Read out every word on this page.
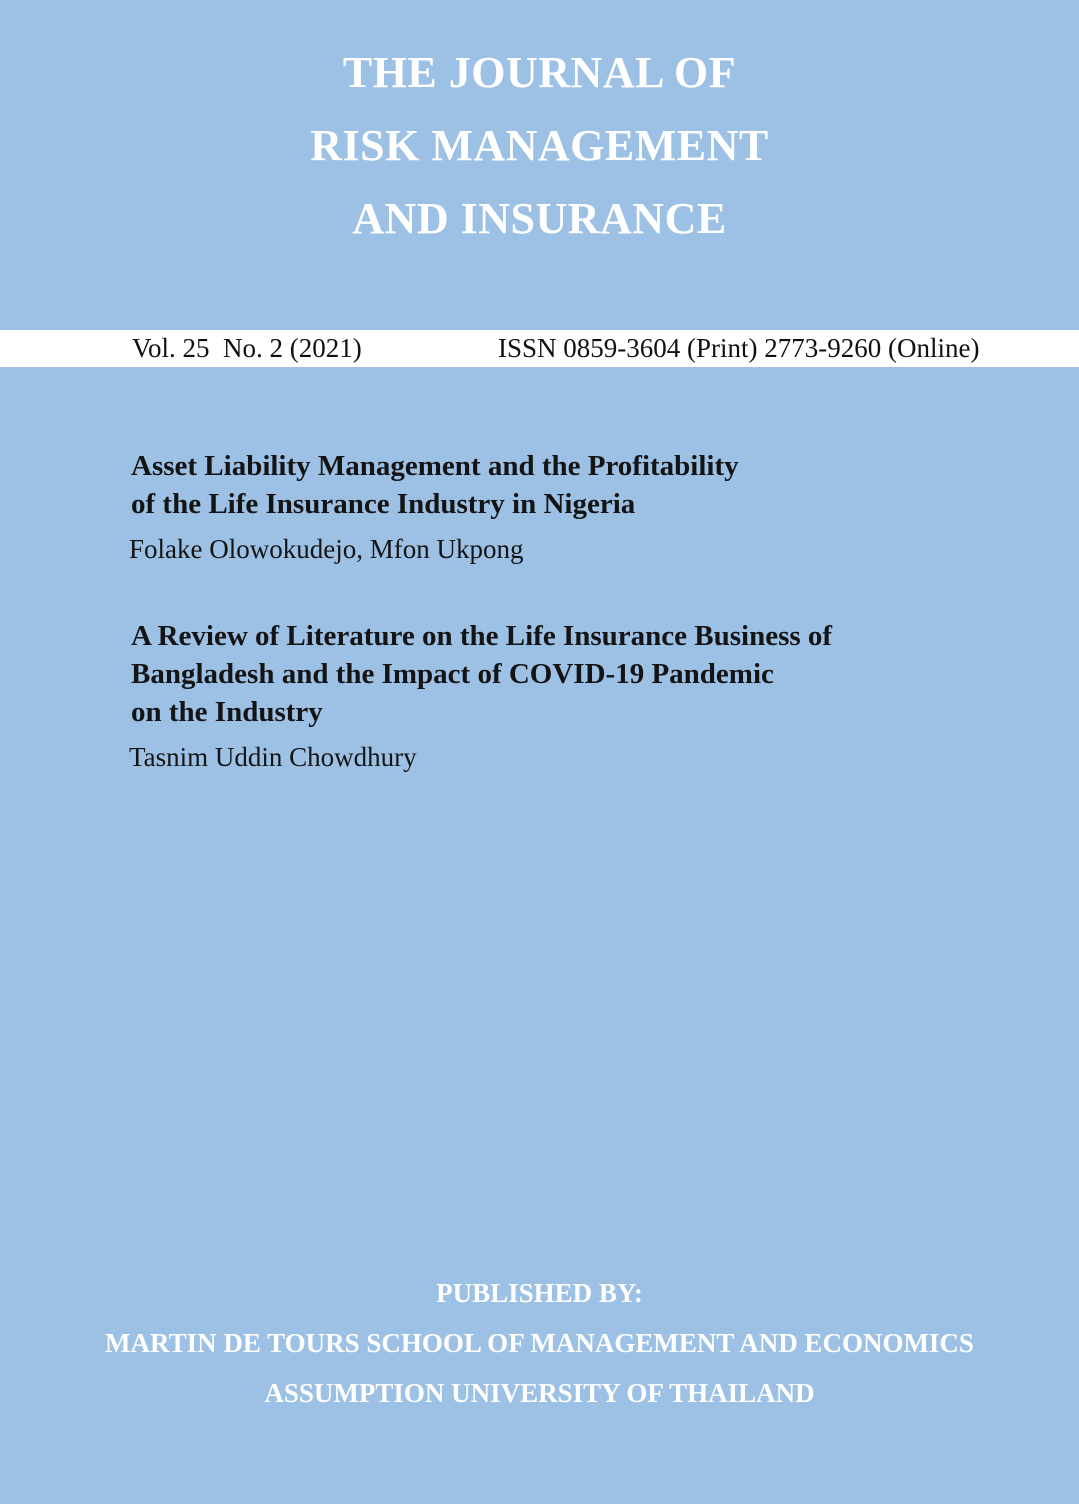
THE JOURNAL OF
RISK MANAGEMENT
AND INSURANCE
Vol. 25  No. 2 (2021)	ISSN 0859-3604 (Print) 2773-9260 (Online)
Asset Liability Management and the Profitability
of the Life Insurance Industry in Nigeria
Folake Olowokudejo, Mfon Ukpong
A Review of Literature on the Life Insurance Business of
Bangladesh and the Impact of COVID-19 Pandemic
on the Industry
Tasnim Uddin Chowdhury
PUBLISHED BY:
MARTIN DE TOURS SCHOOL OF MANAGEMENT AND ECONOMICS
ASSUMPTION UNIVERSITY OF THAILAND
